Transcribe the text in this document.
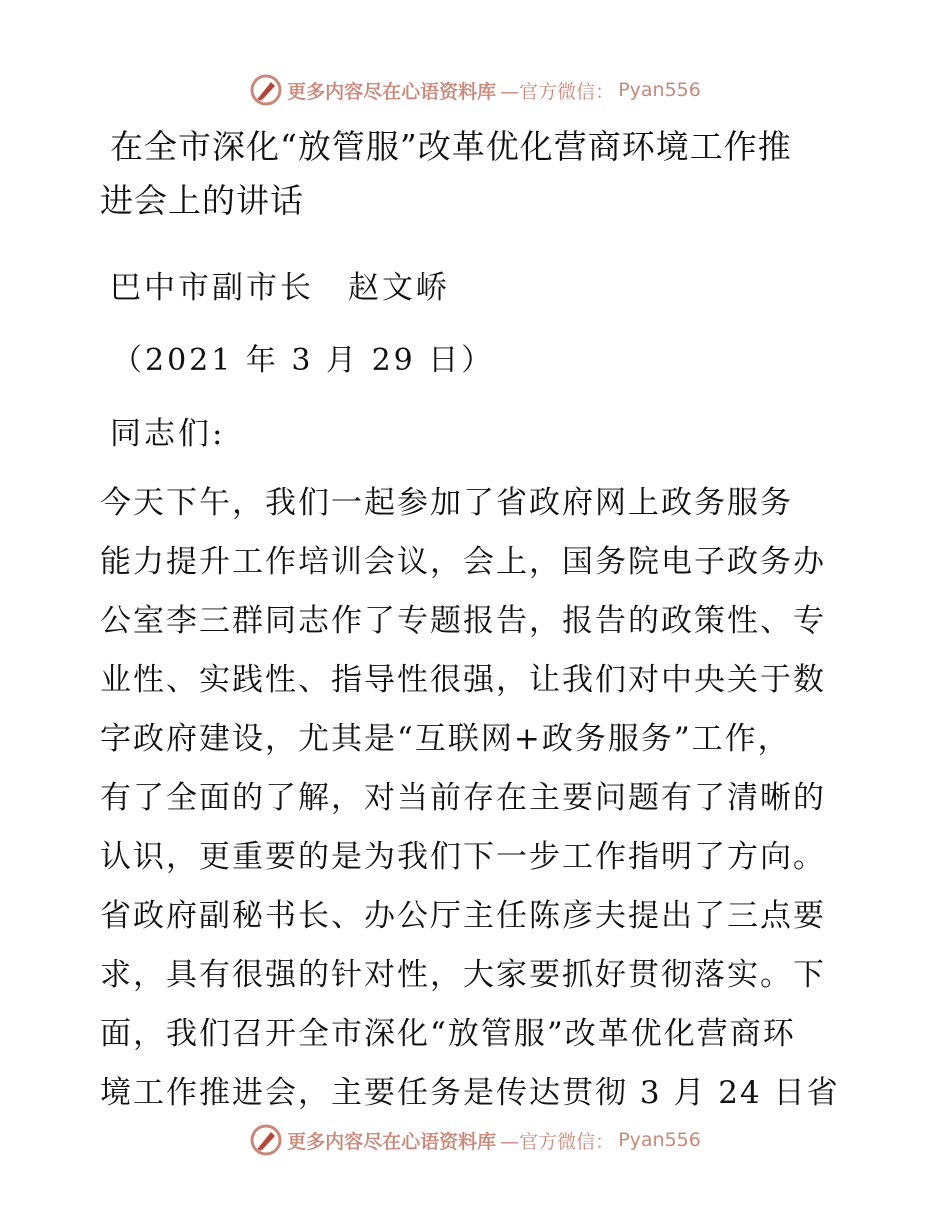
更多内容尽在心语资料库 —官方微信： Pyan556

在全市深化“放管服”改革优化营商环境工作推

进会上的讲话

巴中市副市长　赵文峤
（2021 年 3 月 29 日）
同志们:

今天下午，我们一起参加了省政府网上政务服务

能力提升工作培训会议，会上，国务院电子政务办

公室李三群同志作了专题报告，报告的政策性、专

业性、实践性、指导性很强，让我们对中央关于数

字政府建设，尤其是“互联网+政务服务”工作，

有了全面的了解，对当前存在主要问题有了清晰的

认识，更重要的是为我们下一步工作指明了方向。

省政府副秘书长、办公厅主任陈彦夫提出了三点要

求，具有很强的针对性，大家要抓好贯彻落实。下

面，我们召开全市深化“放管服”改革优化营商环

境工作推进会，主要任务是传达贯彻 3 月 24 日省

更多内容尽在心语资料库 —官方微信： Pyan556
